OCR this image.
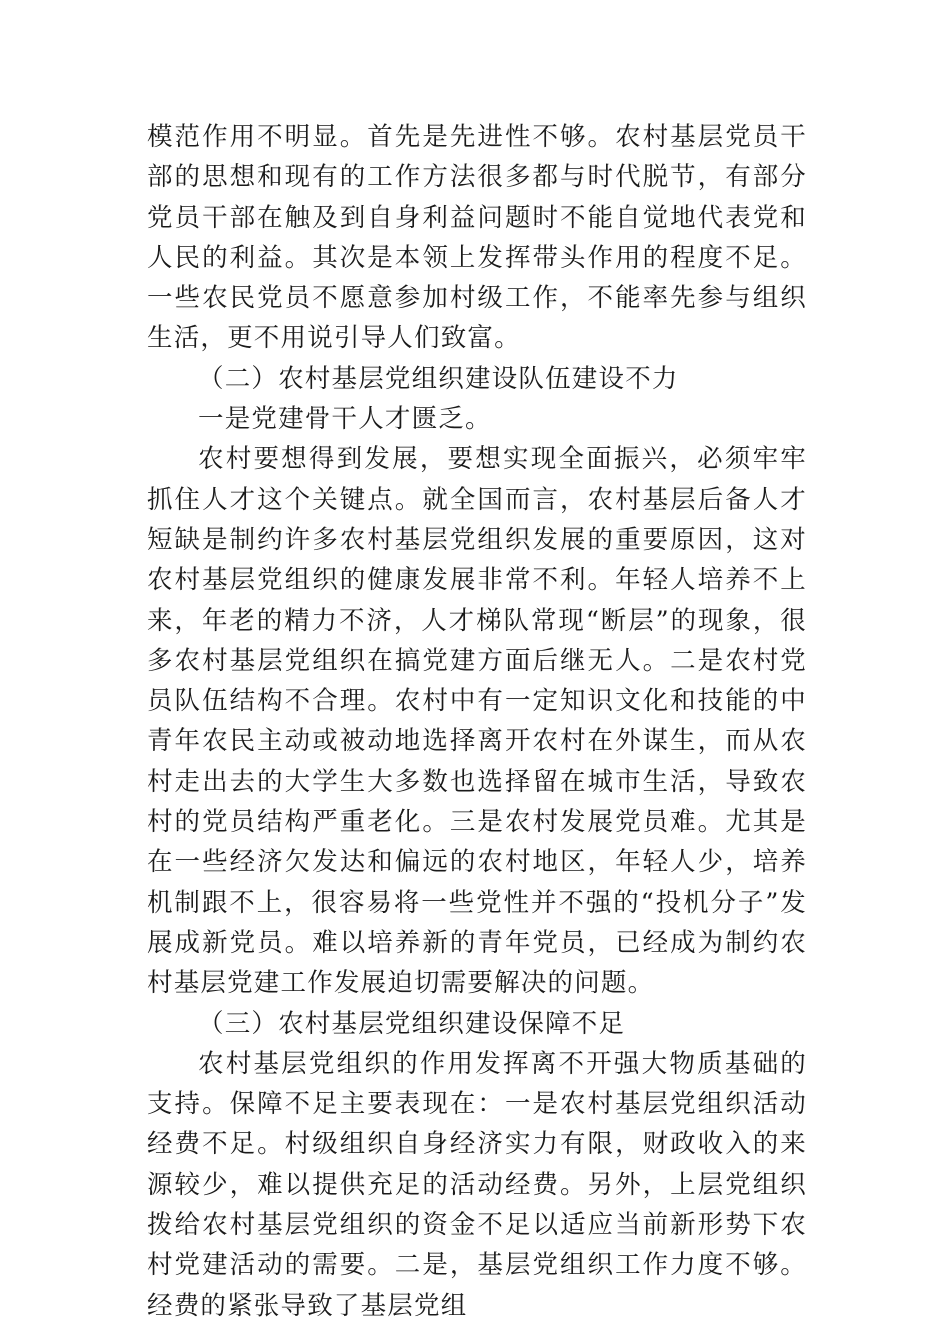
模范作用不明显。首先是先进性不够。农村基层党员干部的思想和现有的工作方法很多都与时代脱节，有部分党员干部在触及到自身利益问题时不能自觉地代表党和人民的利益。其次是本领上发挥带头作用的程度不足。一些农民党员不愿意参加村级工作，不能率先参与组织生活，更不用说引导人们致富。

（二）农村基层党组织建设队伍建设不力

一是党建骨干人才匮乏。

农村要想得到发展，要想实现全面振兴，必须牢牢抓住人才这个关键点。就全国而言，农村基层后备人才短缺是制约许多农村基层党组织发展的重要原因，这对农村基层党组织的健康发展非常不利。年轻人培养不上来，年老的精力不济，人才梯队常现“断层”的现象，很多农村基层党组织在搞党建方面后继无人。二是农村党员队伍结构不合理。农村中有一定知识文化和技能的中青年农民主动或被动地选择离开农村在外谋生，而从农村走出去的大学生大多数也选择留在城市生活，导致农村的党员结构严重老化。三是农村发展党员难。尤其是在一些经济欠发达和偏远的农村地区，年轻人少，培养机制跟不上，很容易将一些党性并不强的“投机分子”发展成新党员。难以培养新的青年党员，已经成为制约农村基层党建工作发展迫切需要解决的问题。

（三）农村基层党组织建设保障不足

农村基层党组织的作用发挥离不开强大物质基础的支持。保障不足主要表现在：一是农村基层党组织活动经费不足。村级组织自身经济实力有限，财政收入的来源较少，难以提供充足的活动经费。另外，上层党组织拨给农村基层党组织的资金不足以适应当前新形势下农村党建活动的需要。二是，基层党组织工作力度不够。经费的紧张导致了基层党组
